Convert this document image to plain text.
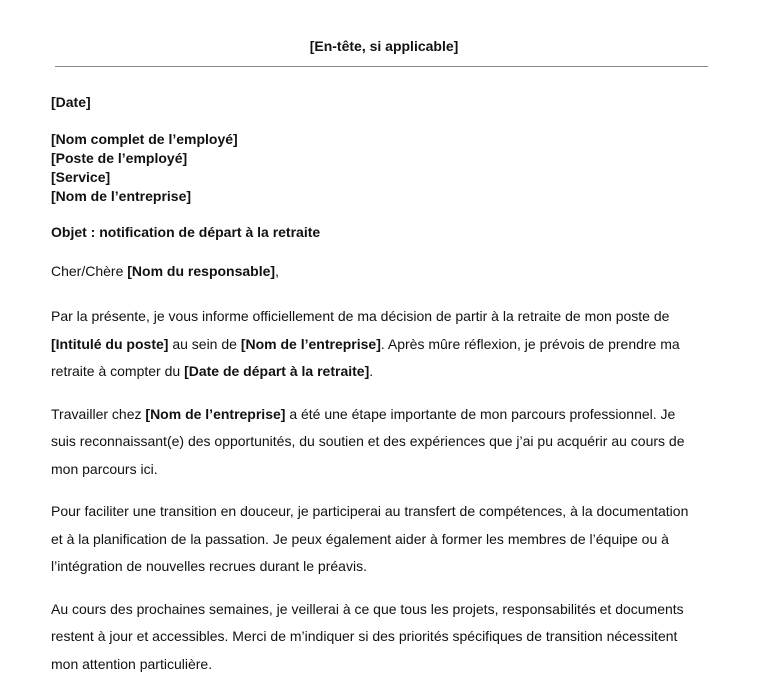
[En-tête, si applicable]

[Date]

[Nom complet de l’employé]

[Poste de l’employé]

[Service]

[Nom de l’entreprise]

Objet : notification de départ à la retraite

Cher/Chère [Nom du responsable],

Par la présente, je vous informe officiellement de ma décision de partir à la retraite de mon poste de
[Intitulé du poste] au sein de [Nom de l’entreprise]. Après mûre réflexion, je prévois de prendre ma
retraite à compter du [Date de départ à la retraite].
Travailler chez [Nom de l’entreprise] a été une étape importante de mon parcours professionnel. Je
suis reconnaissant(e) des opportunités, du soutien et des expériences que j’ai pu acquérir au cours de
mon parcours ici.
Pour faciliter une transition en douceur, je participerai au transfert de compétences, à la documentation
et à la planification de la passation. Je peux également aider à former les membres de l’équipe ou à
l’intégration de nouvelles recrues durant le préavis.
Au cours des prochaines semaines, je veillerai à ce que tous les projets, responsabilités et documents
restent à jour et accessibles. Merci de m’indiquer si des priorités spécifiques de transition nécessitent
mon attention particulière.
